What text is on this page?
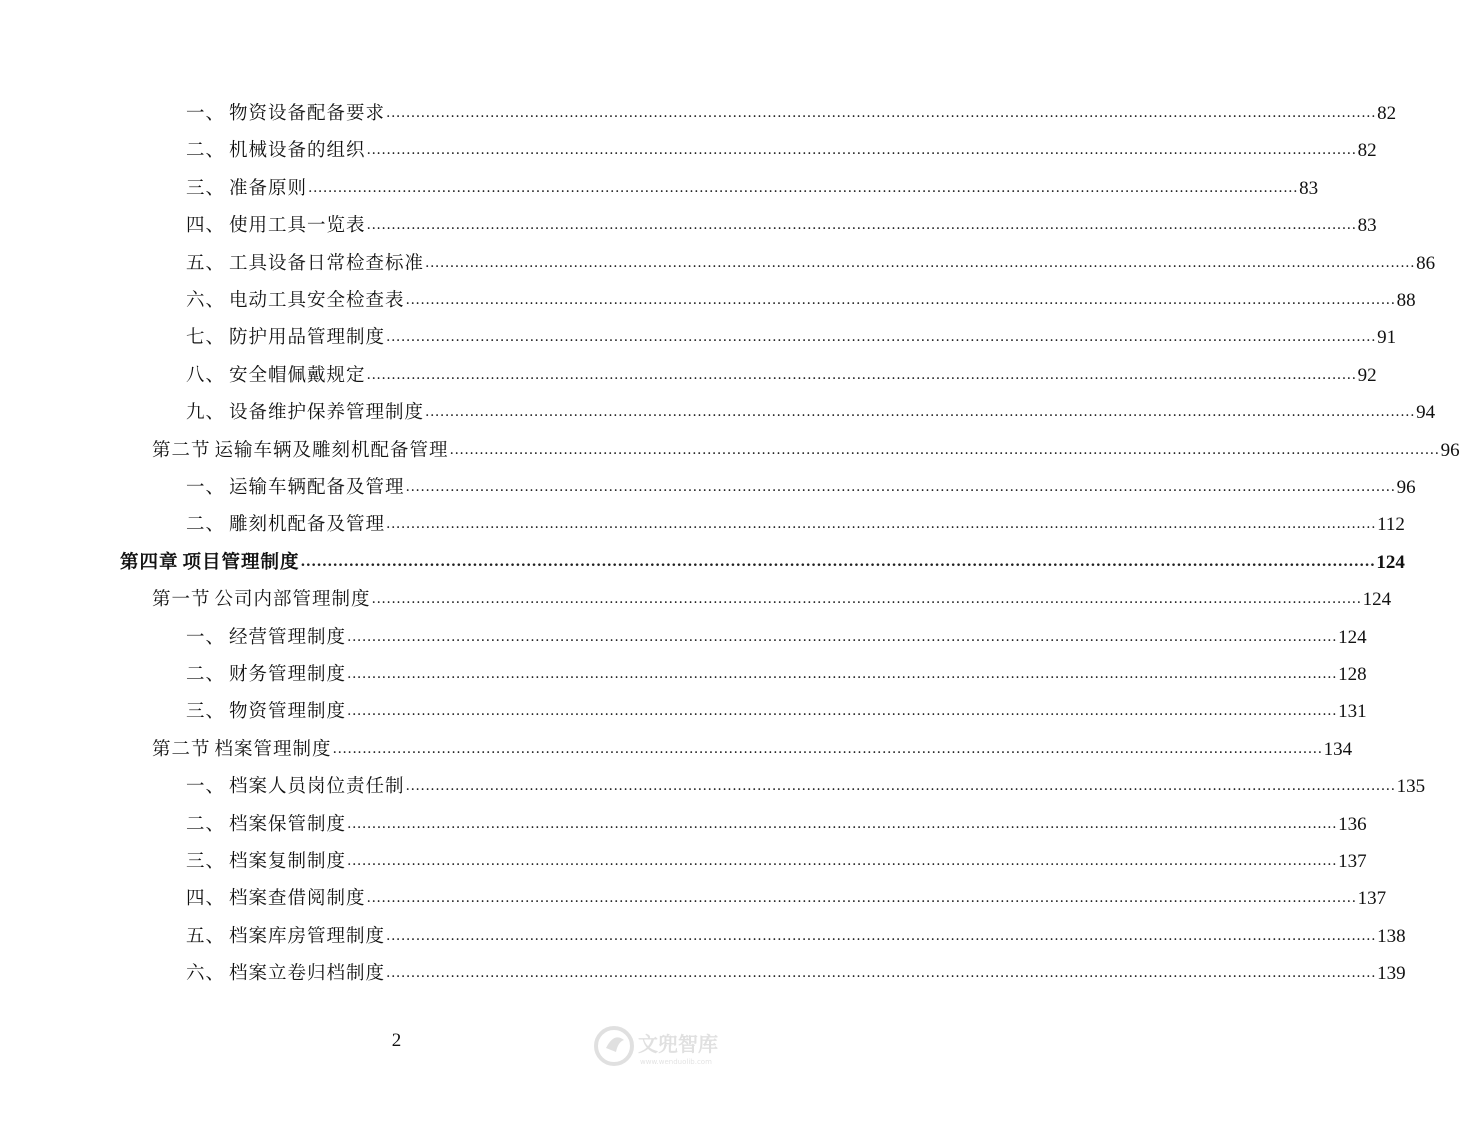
一、 物资设备配备要求 ........................................................................................................................................................................................................ 82
二、 机械设备的组织 ........................................................................................................................................................................................................ 82
三、 准备原则 ........................................................................................................................................................................................................ 83
四、 使用工具一览表 ........................................................................................................................................................................................................ 83
五、 工具设备日常检查标准 ........................................................................................................................................................................................................ 86
六、 电动工具安全检查表 ........................................................................................................................................................................................................ 88
七、 防护用品管理制度 ........................................................................................................................................................................................................ 91
八、 安全帽佩戴规定 ........................................................................................................................................................................................................ 92
九、 设备维护保养管理制度 ........................................................................................................................................................................................................ 94
第二节 运输车辆及雕刻机配备管理 ........................................................................................................................................................................................................ 96
一、 运输车辆配备及管理 ........................................................................................................................................................................................................ 96
二、 雕刻机配备及管理 ........................................................................................................................................................................................................ 112
第四章 项目管理制度 ........................................................................................................................................................................................................ 124
第一节 公司内部管理制度 ........................................................................................................................................................................................................ 124
一、 经营管理制度 ........................................................................................................................................................................................................ 124
二、 财务管理制度 ........................................................................................................................................................................................................ 128
三、 物资管理制度 ........................................................................................................................................................................................................ 131
第二节 档案管理制度 ........................................................................................................................................................................................................ 134
一、 档案人员岗位责任制 ........................................................................................................................................................................................................ 135
二、 档案保管制度 ........................................................................................................................................................................................................ 136
三、 档案复制制度 ........................................................................................................................................................................................................ 137
四、 档案查借阅制度 ........................................................................................................................................................................................................ 137
五、 档案库房管理制度 ........................................................................................................................................................................................................ 138
六、 档案立卷归档制度 ........................................................................................................................................................................................................ 139
2	文兜智库
www.wenduolib.com
